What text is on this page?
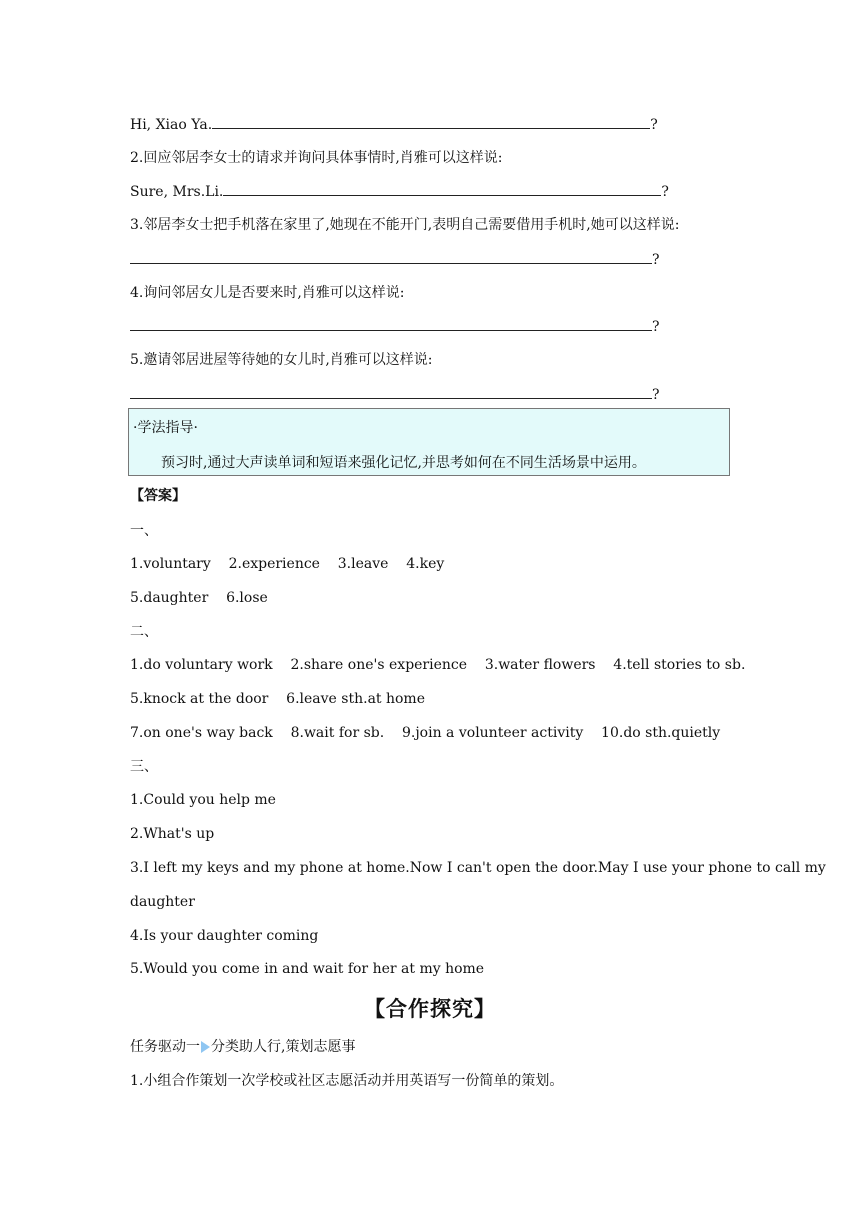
Hi, Xiao Ya.	?
2.回应邻居李女士的请求并询问具体事情时,肖雅可以这样说:
Sure, Mrs.Li.	?
3.邻居李女士把手机落在家里了,她现在不能开门,表明自己需要借用手机时,她可以这样说:
?
4.询问邻居女儿是否要来时,肖雅可以这样说:
?
5.邀请邻居进屋等待她的女儿时,肖雅可以这样说:
?
·学法指导·
预习时,通过大声读单词和短语来强化记忆,并思考如何在不同生活场景中运用。
【答案】
一、
1.voluntary    2.experience    3.leave    4.key
5.daughter    6.lose
二、
1.do voluntary work    2.share one's experience    3.water flowers    4.tell stories to sb.
5.knock at the door    6.leave sth.at home
7.on one's way back    8.wait for sb.    9.join a volunteer activity    10.do sth.quietly
三、
1.Could you help me
2.What's up
3.I left my keys and my phone at home.Now I can't open the door.May I use your phone to call my
daughter
4.Is your daughter coming
5.Would you come in and wait for her at my home
【合作探究】
任务驱动一 分类助人行,策划志愿事
1.小组合作策划一次学校或社区志愿活动并用英语写一份简单的策划。
